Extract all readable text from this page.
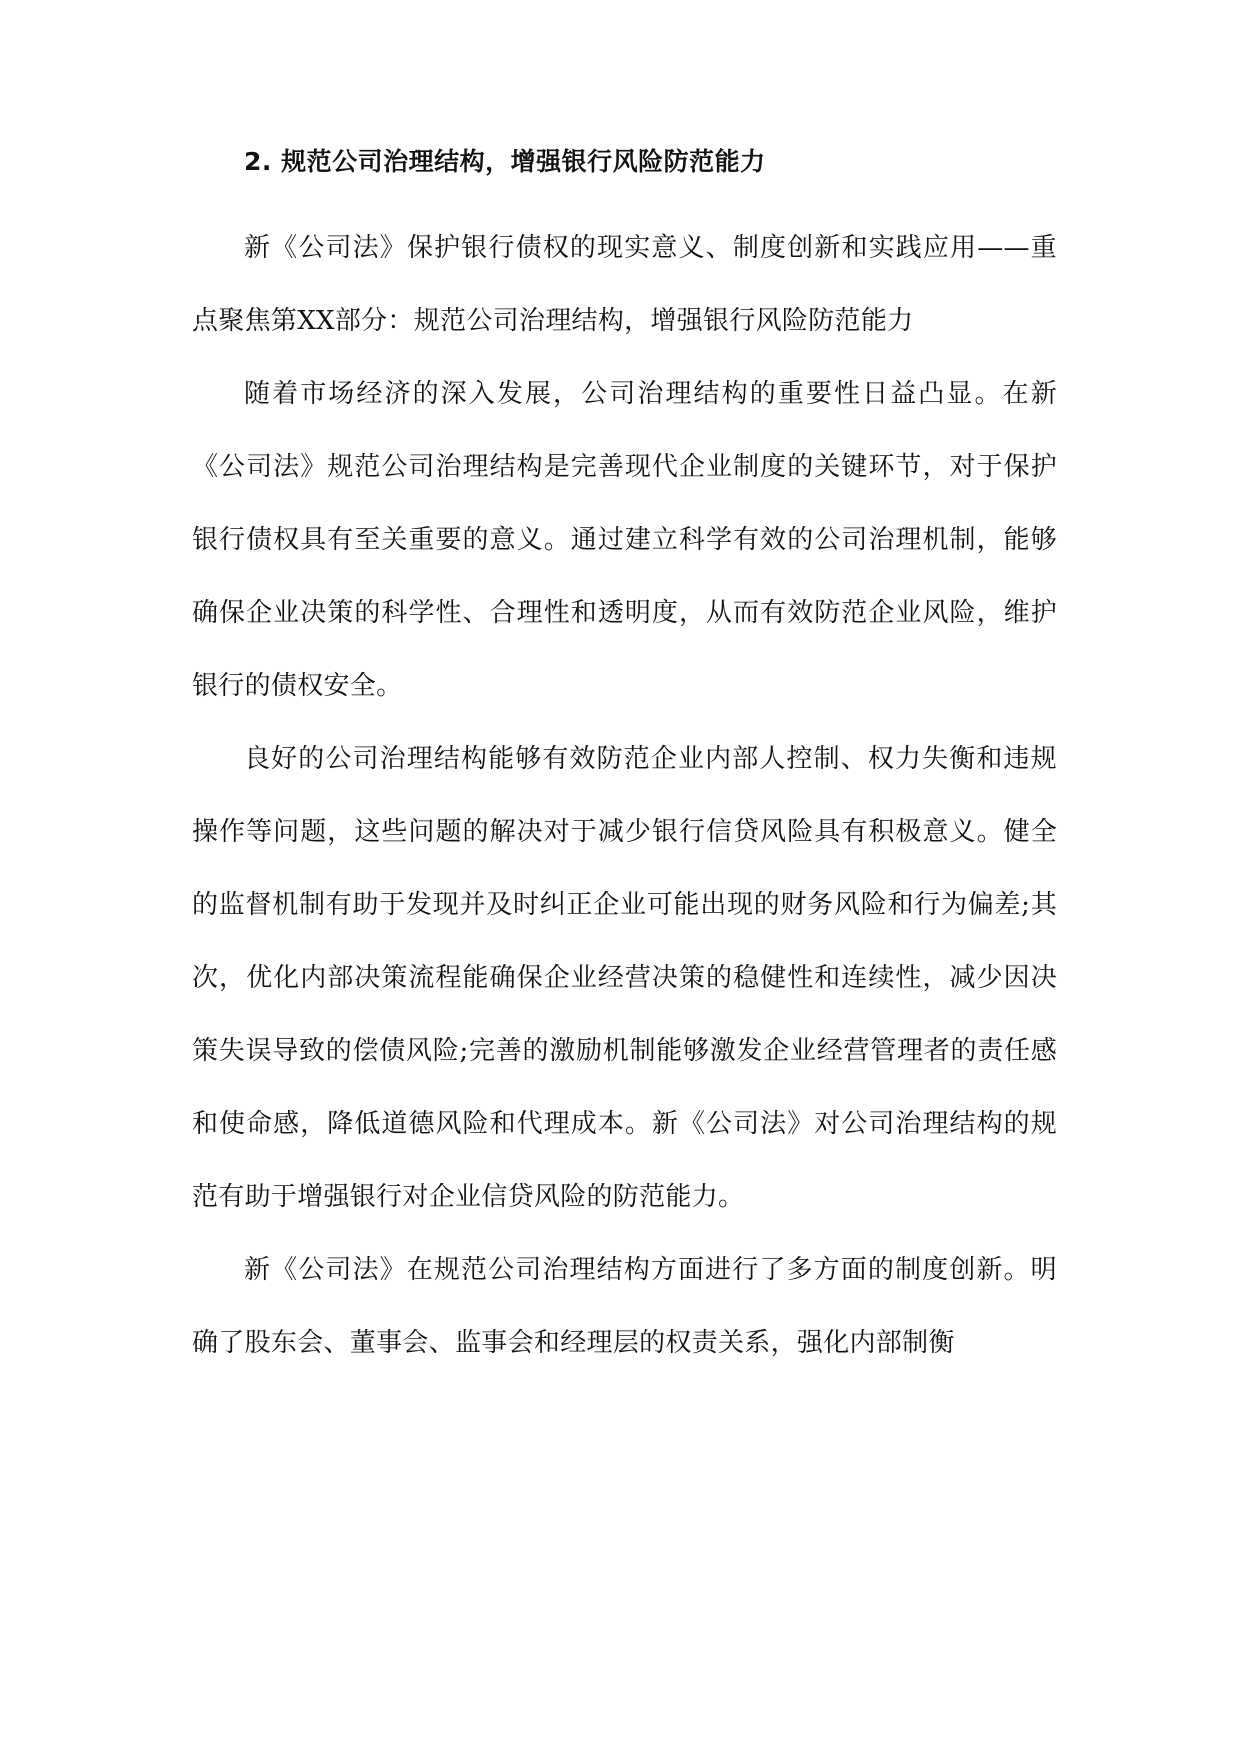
2. 规范公司治理结构，增强银行风险防范能力

新《公司法》保护银行债权的现实意义、制度创新和实践应用——重点聚焦第XX部分：规范公司治理结构，增强银行风险防范能力

随着市场经济的深入发展，公司治理结构的重要性日益凸显。在新《公司法》规范公司治理结构是完善现代企业制度的关键环节，对于保护银行债权具有至关重要的意义。通过建立科学有效的公司治理机制，能够确保企业决策的科学性、合理性和透明度，从而有效防范企业风险，维护银行的债权安全。

良好的公司治理结构能够有效防范企业内部人控制、权力失衡和违规操作等问题，这些问题的解决对于减少银行信贷风险具有积极意义。健全的监督机制有助于发现并及时纠正企业可能出现的财务风险和行为偏差;其次，优化内部决策流程能确保企业经营决策的稳健性和连续性，减少因决策失误导致的偿债风险;完善的激励机制能够激发企业经营管理者的责任感和使命感，降低道德风险和代理成本。新《公司法》对公司治理结构的规范有助于增强银行对企业信贷风险的防范能力。

新《公司法》在规范公司治理结构方面进行了多方面的制度创新。明确了股东会、董事会、监事会和经理层的权责关系，强化内部制衡
